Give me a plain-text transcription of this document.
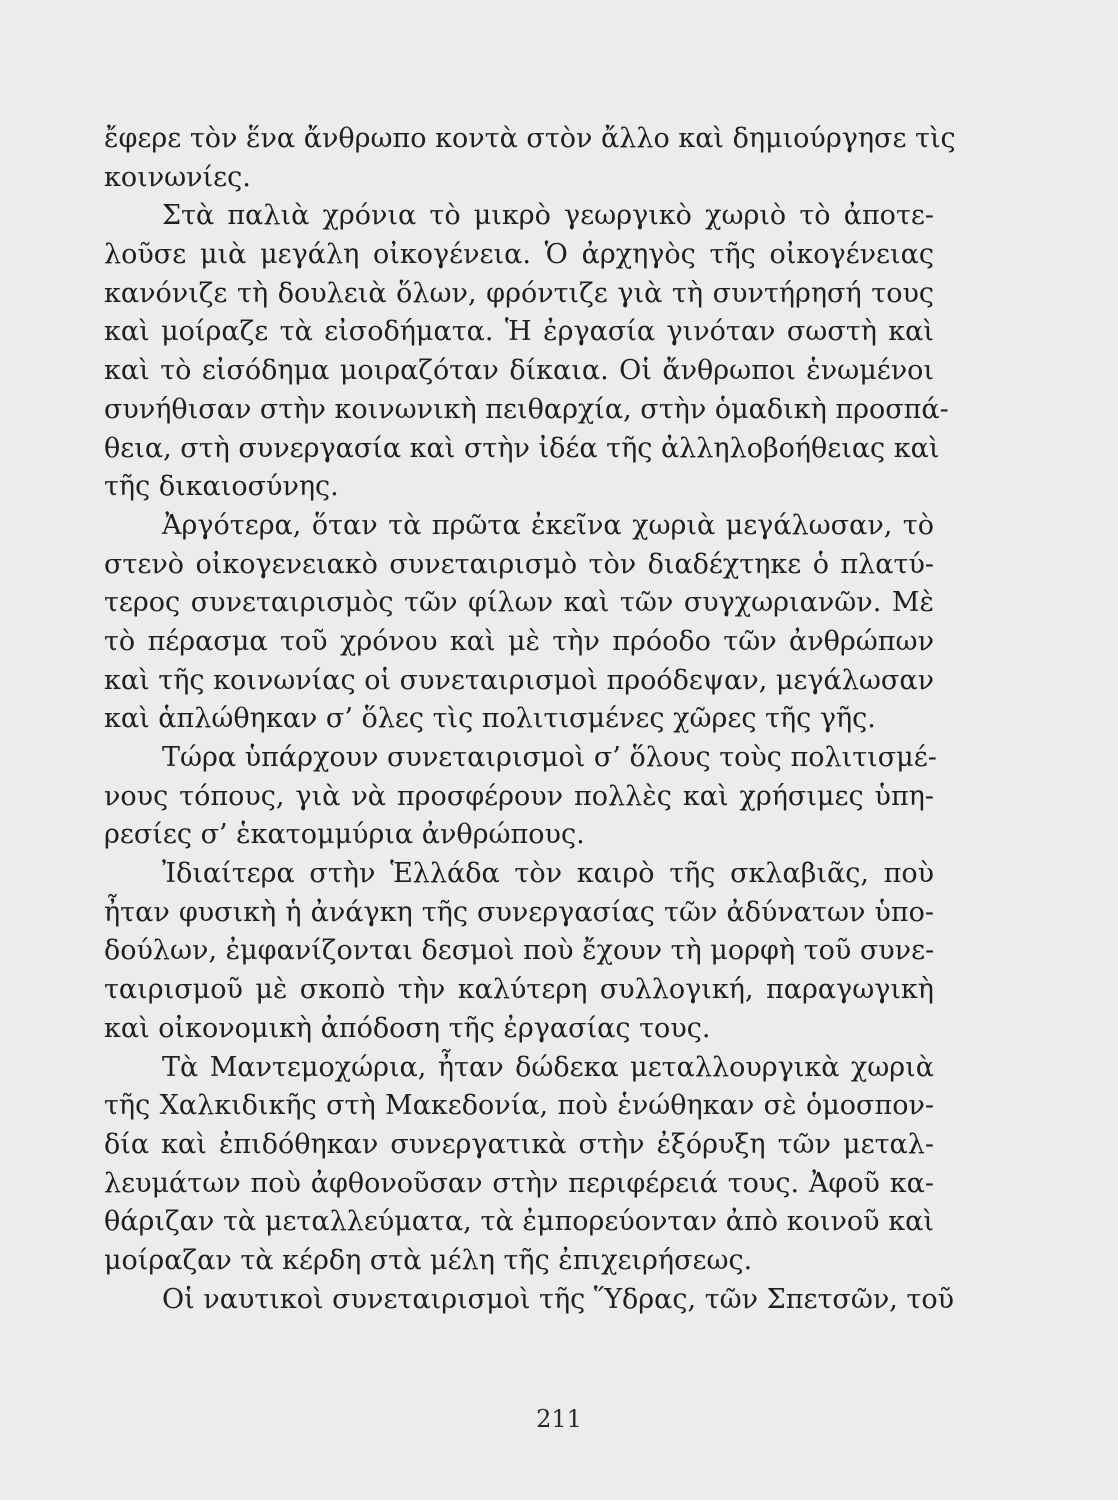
ἔφερε τὸν ἕνα ἄνθρωπο κοντὰ στὸν ἄλλο καὶ δημιούργησε τὶς
κοινωνίες.
Στὰ παλιὰ χρόνια τὸ μικρὸ γεωργικὸ χωριὸ τὸ ἀποτε-
λοῦσε μιὰ μεγάλη οἰκογένεια. Ὁ ἀρχηγὸς τῆς οἰκογένειας
κανόνιζε τὴ δουλειὰ ὅλων, φρόντιζε γιὰ τὴ συντήρησή τους
καὶ μοίραζε τὰ εἰσοδήματα. Ἡ ἐργασία γινόταν σωστὴ καὶ
καὶ τὸ εἰσόδημα μοιραζόταν δίκαια. Οἱ ἄνθρωποι ἑνωμένοι
συνήθισαν στὴν κοινωνικὴ πειθαρχία, στὴν ὁμαδικὴ προσπά-
θεια, στὴ συνεργασία καὶ στὴν ἰδέα τῆς ἀλληλοβοήθειας καὶ
τῆς δικαιοσύνης.
Ἀργότερα, ὅταν τὰ πρῶτα ἐκεῖνα χωριὰ μεγάλωσαν, τὸ
στενὸ οἰκογενειακὸ συνεταιρισμὸ τὸν διαδέχτηκε ὁ πλατύ-
τερος συνεταιρισμὸς τῶν φίλων καὶ τῶν συγχωριανῶν. Μὲ
τὸ πέρασμα τοῦ χρόνου καὶ μὲ τὴν πρόοδο τῶν ἀνθρώπων
καὶ τῆς κοινωνίας οἱ συνεταιρισμοὶ προόδεψαν, μεγάλωσαν
καὶ ἁπλώθηκαν σ’ ὅλες τὶς πολιτισμένες χῶρες τῆς γῆς.
Τώρα ὑπάρχουν συνεταιρισμοὶ σ’ ὅλους τοὺς πολιτισμέ-
νους τόπους, γιὰ νὰ προσφέρουν πολλὲς καὶ χρήσιμες ὑπη-
ρεσίες σ’ ἑκατομμύρια ἀνθρώπους.
Ἰδιαίτερα στὴν Ἑλλάδα τὸν καιρὸ τῆς σκλαβιᾶς, ποὺ
ἦταν φυσικὴ ἡ ἀνάγκη τῆς συνεργασίας τῶν ἀδύνατων ὑπο-
δούλων, ἐμφανίζονται δεσμοὶ ποὺ ἔχουν τὴ μορφὴ τοῦ συνε-
ταιρισμοῦ μὲ σκοπὸ τὴν καλύτερη συλλογική, παραγωγικὴ
καὶ οἰκονομικὴ ἀπόδοση τῆς ἐργασίας τους.
Τὰ Μαντεμοχώρια, ἦταν δώδεκα μεταλλουργικὰ χωριὰ
τῆς Χαλκιδικῆς στὴ Μακεδονία, ποὺ ἑνώθηκαν σὲ ὁμοσπον-
δία καὶ ἐπιδόθηκαν συνεργατικὰ στὴν ἐξόρυξη τῶν μεταλ-
λευμάτων ποὺ ἀφθονοῦσαν στὴν περιφέρειά τους. Ἀφοῦ κα-
θάριζαν τὰ μεταλλεύματα, τὰ ἐμπορεύονταν ἀπὸ κοινοῦ καὶ
μοίραζαν τὰ κέρδη στὰ μέλη τῆς ἐπιχειρήσεως.
Οἱ ναυτικοὶ συνεταιρισμοὶ τῆς Ὕδρας, τῶν Σπετσῶν, τοῦ
211
